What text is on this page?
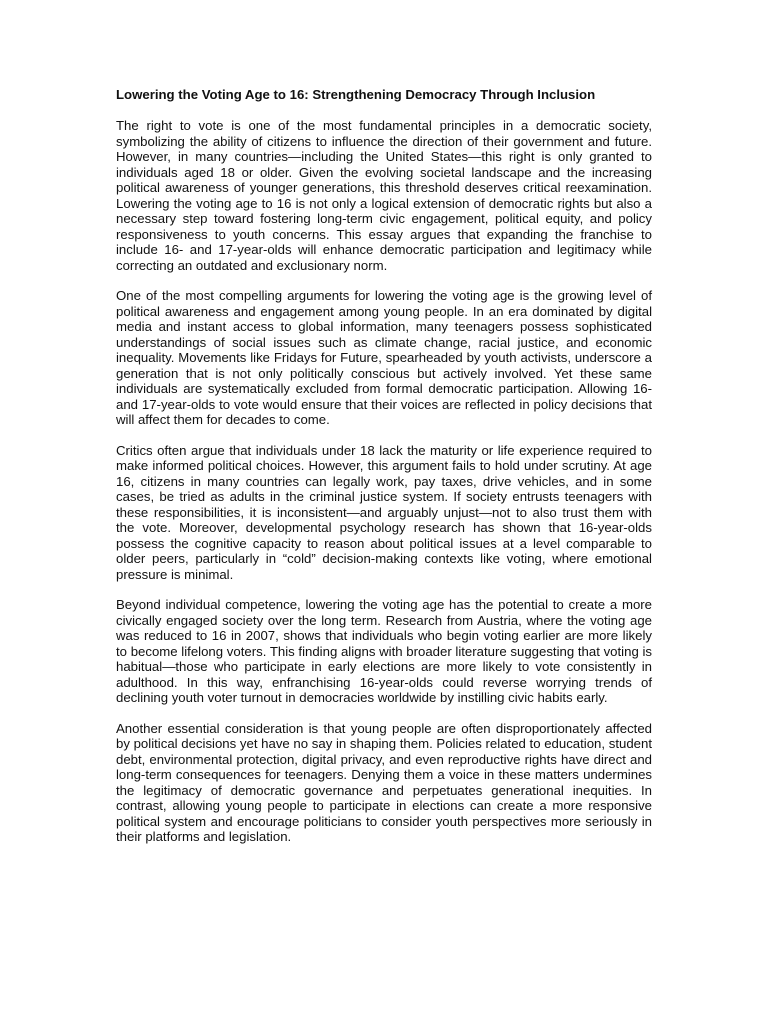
Lowering the Voting Age to 16: Strengthening Democracy Through Inclusion

The right to vote is one of the most fundamental principles in a democratic society, symbolizing the ability of citizens to influence the direction of their government and future. However, in many countries—including the United States—this right is only granted to individuals aged 18 or older. Given the evolving societal landscape and the increasing political awareness of younger generations, this threshold deserves critical reexamination. Lowering the voting age to 16 is not only a logical extension of democratic rights but also a necessary step toward fostering long-term civic engagement, political equity, and policy responsiveness to youth concerns. This essay argues that expanding the franchise to include 16- and 17-year-olds will enhance democratic participation and legitimacy while correcting an outdated and exclusionary norm.

One of the most compelling arguments for lowering the voting age is the growing level of political awareness and engagement among young people. In an era dominated by digital media and instant access to global information, many teenagers possess sophisticated understandings of social issues such as climate change, racial justice, and economic inequality. Movements like Fridays for Future, spearheaded by youth activists, underscore a generation that is not only politically conscious but actively involved. Yet these same individuals are systematically excluded from formal democratic participation. Allowing 16- and 17-year-olds to vote would ensure that their voices are reflected in policy decisions that will affect them for decades to come.

Critics often argue that individuals under 18 lack the maturity or life experience required to make informed political choices. However, this argument fails to hold under scrutiny. At age 16, citizens in many countries can legally work, pay taxes, drive vehicles, and in some cases, be tried as adults in the criminal justice system. If society entrusts teenagers with these responsibilities, it is inconsistent—and arguably unjust—not to also trust them with the vote. Moreover, developmental psychology research has shown that 16-year-olds possess the cognitive capacity to reason about political issues at a level comparable to older peers, particularly in “cold” decision-making contexts like voting, where emotional pressure is minimal.

Beyond individual competence, lowering the voting age has the potential to create a more civically engaged society over the long term. Research from Austria, where the voting age was reduced to 16 in 2007, shows that individuals who begin voting earlier are more likely to become lifelong voters. This finding aligns with broader literature suggesting that voting is habitual—those who participate in early elections are more likely to vote consistently in adulthood. In this way, enfranchising 16-year-olds could reverse worrying trends of declining youth voter turnout in democracies worldwide by instilling civic habits early.

Another essential consideration is that young people are often disproportionately affected by political decisions yet have no say in shaping them. Policies related to education, student debt, environmental protection, digital privacy, and even reproductive rights have direct and long-term consequences for teenagers. Denying them a voice in these matters undermines the legitimacy of democratic governance and perpetuates generational inequities. In contrast, allowing young people to participate in elections can create a more responsive political system and encourage politicians to consider youth perspectives more seriously in their platforms and legislation.
